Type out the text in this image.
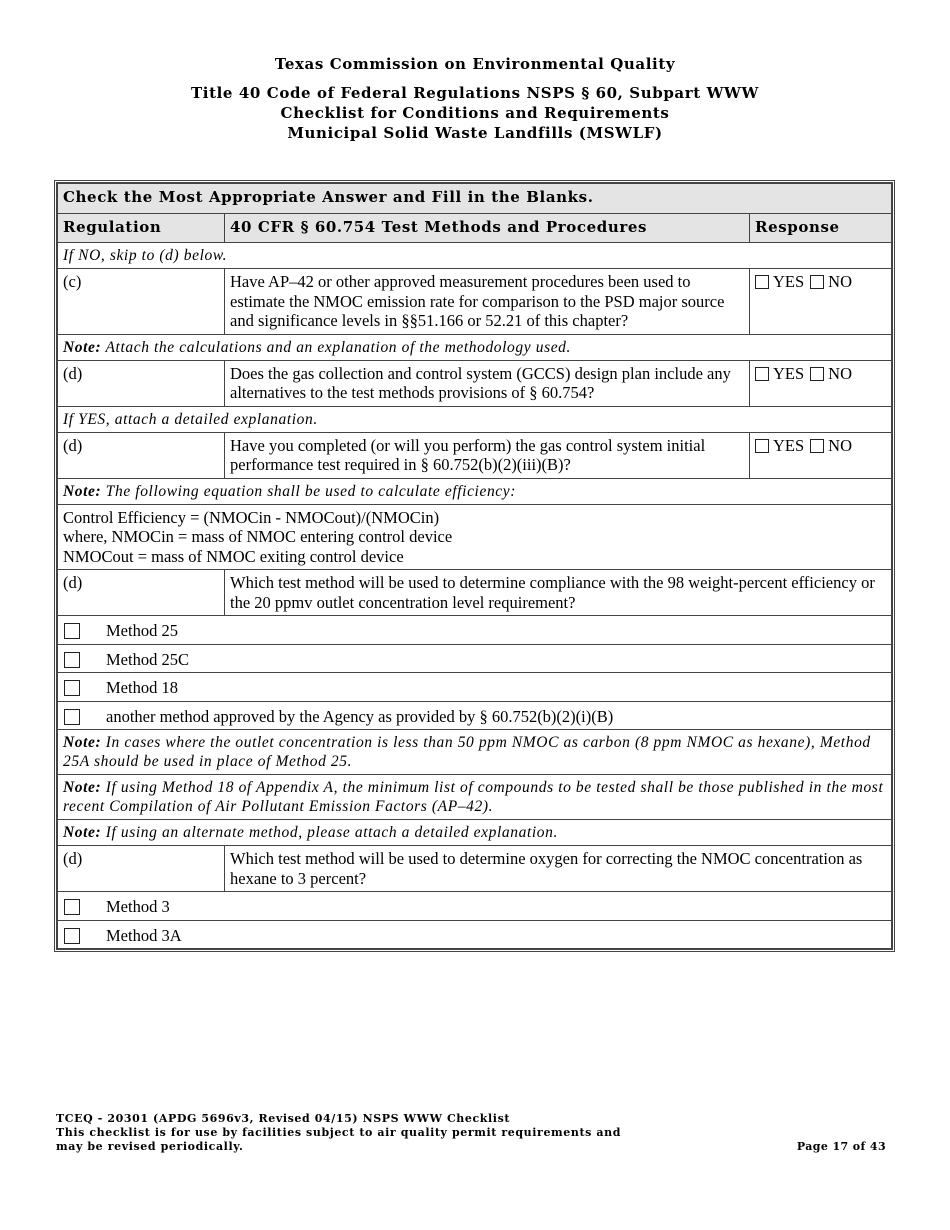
Texas Commission on Environmental Quality
Title 40 Code of Federal Regulations NSPS § 60, Subpart WWW
Checklist for Conditions and Requirements
Municipal Solid Waste Landfills (MSWLF)
Check the Most Appropriate Answer and Fill in the Blanks.		
Regulation	40 CFR § 60.754 Test Methods and Procedures	Response
If NO, skip to (d) below.		
(c)	Have AP–42 or other approved measurement procedures been used to estimate the NMOC emission rate for comparison to the PSD major source and significance levels in §§51.166 or 52.21 of this chapter?	YES NO
Note: Attach the calculations and an explanation of the methodology used.		
(d)	Does the gas collection and control system (GCCS) design plan include any alternatives to the test methods provisions of § 60.754?	YES NO
If YES, attach a detailed explanation.		
(d)	Have you completed (or will you perform) the gas control system initial performance test required in § 60.752(b)(2)(iii)(B)?	YES NO
Note: The following equation shall be used to calculate efficiency:		

Control Efficiency = (NMOCin - NMOCout)/(NMOCin)
where, NMOCin = mass of NMOC entering control device
NMOCout = mass of NMOC exiting control device		

(d)	Which test method will be used to determine compliance with the 98 weight-percent efficiency or the 20 ppmv outlet concentration level requirement?	
Method 25		
Method 25C		
Method 18		
another method approved by the Agency as provided by § 60.752(b)(2)(i)(B)		
Note: In cases where the outlet concentration is less than 50 ppm NMOC as carbon (8 ppm NMOC as hexane), Method 25A should be used in place of Method 25.		
Note: If using Method 18 of Appendix A, the minimum list of compounds to be tested shall be those published in the most recent Compilation of Air Pollutant Emission Factors (AP–42).		
Note: If using an alternate method, please attach a detailed explanation.		
(d)	Which test method will be used to determine oxygen for correcting the NMOC concentration as hexane to 3 percent?	
Method 3		
Method 3A		
TCEQ - 20301 (APDG 5696v3, Revised 04/15) NSPS WWW Checklist
This checklist is for use by facilities subject to air quality permit requirements and
may be revised periodically.	Page 17 of 43
